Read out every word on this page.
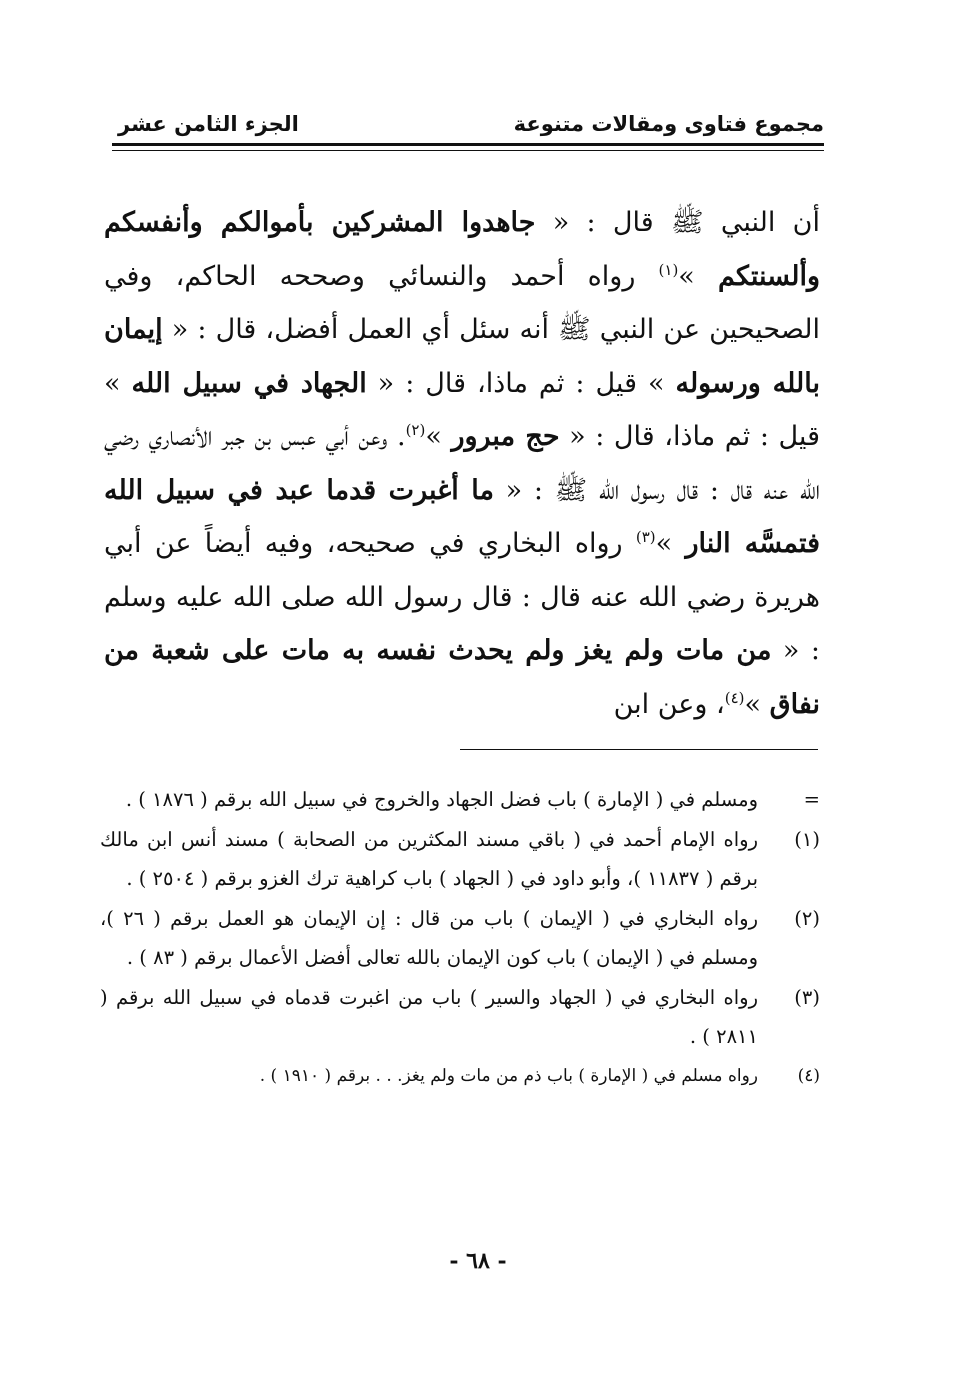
مجموع فتاوى ومقالات متنوعة
الجزء الثامن عشر
أن النبي ﷺ قال : « جاهدوا المشركين بأموالكم وأنفسكم وألسنتكم »$^{(١)}$ رواه أحمد والنسائي وصححه الحاكم، وفي الصحيحين عن النبي ﷺ أنه سئل أي العمل أفضل، قال : « إيمان بالله ورسوله » قيل : ثم ماذا، قال : « الجهاد في سبيل الله » قيل : ثم ماذا، قال : « حج مبرور »$^{(٢)}$. وعن أبي عبس بن جبر الأنصاري رضي الله عنه قال : قال رسول الله ﷺ : « ما أغبرت قدما عبد في سبيل الله فتمسَّه النار »$^{(٣)}$ رواه البخاري في صحيحه، وفيه أيضاً عن أبي هريرة رضي الله عنه قال : قال رسول الله صلى الله عليه وسلم : « من مات ولم يغز ولم يحدث نفسه به مات على شعبة من نفاق »$^{(٤)}$، وعن ابن

=
ومسلم في ( الإمارة ) باب فضل الجهاد والخروج في سبيل الله برقم ( ١٨٧٦ ) .

(١)
رواه الإمام أحمد في ( باقي مسند المكثرين من الصحابة ) مسند أنس ابن مالك برقم ( ١١٨٣٧ )، وأبو داود في ( الجهاد ) باب كراهية ترك الغزو برقم ( ٢٥٠٤ ) .

(٢)
رواه البخاري في ( الإيمان ) باب من قال : إن الإيمان هو العمل برقم ( ٢٦ )، ومسلم في ( الإيمان ) باب كون الإيمان بالله تعالى أفضل الأعمال برقم ( ٨٣ ) .

(٣)
رواه البخاري في ( الجهاد والسير ) باب من اغبرت قدماه في سبيل الله برقم ( ٢٨١١ ) .

(٤)
رواه مسلم في ( الإمارة ) باب ذم من مات ولم يغز. . . برقم ( ١٩١٠ ) .

- ٦٨ -
